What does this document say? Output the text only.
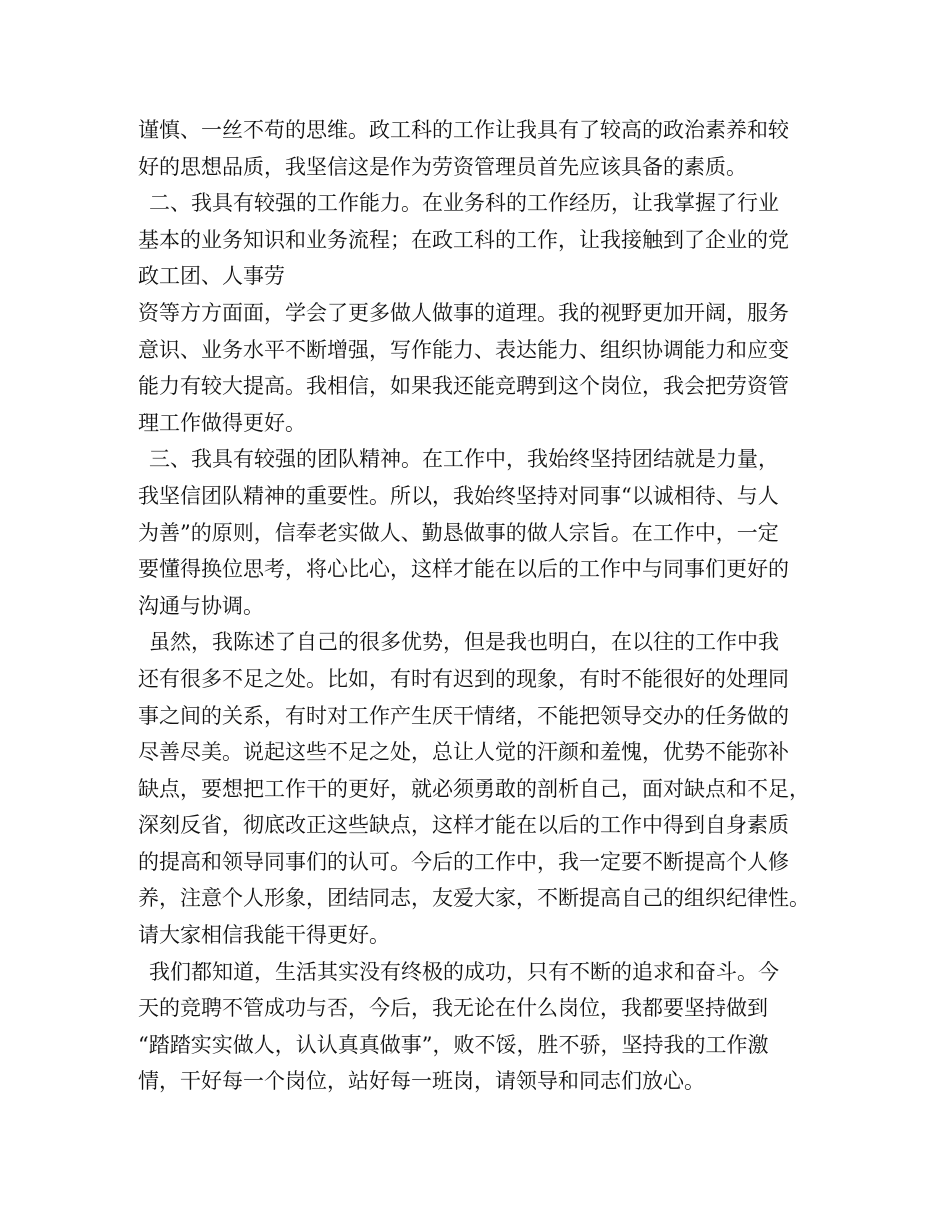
谨慎、一丝不苟的思维。政工科的工作让我具有了较高的政治素养和较
好的思想品质，我坚信这是作为劳资管理员首先应该具备的素质。
二、我具有较强的工作能力。在业务科的工作经历，让我掌握了行业
基本的业务知识和业务流程；在政工科的工作，让我接触到了企业的党
政工团、人事劳
资等方方面面，学会了更多做人做事的道理。我的视野更加开阔，服务
意识、业务水平不断增强，写作能力、表达能力、组织协调能力和应变
能力有较大提高。我相信，如果我还能竞聘到这个岗位，我会把劳资管
理工作做得更好。
三、我具有较强的团队精神。在工作中，我始终坚持团结就是力量，
我坚信团队精神的重要性。所以，我始终坚持对同事“以诚相待、与人
为善”的原则，信奉老实做人、勤恳做事的做人宗旨。在工作中，一定
要懂得换位思考，将心比心，这样才能在以后的工作中与同事们更好的
沟通与协调。
虽然，我陈述了自己的很多优势，但是我也明白，在以往的工作中我
还有很多不足之处。比如，有时有迟到的现象，有时不能很好的处理同
事之间的关系，有时对工作产生厌干情绪，不能把领导交办的任务做的
尽善尽美。说起这些不足之处，总让人觉的汗颜和羞愧，优势不能弥补
缺点，要想把工作干的更好，就必须勇敢的剖析自己，面对缺点和不足，
深刻反省，彻底改正这些缺点，这样才能在以后的工作中得到自身素质
的提高和领导同事们的认可。今后的工作中，我一定要不断提高个人修
养，注意个人形象，团结同志，友爱大家，不断提高自己的组织纪律性。
请大家相信我能干得更好。
我们都知道，生活其实没有终极的成功，只有不断的追求和奋斗。今
天的竞聘不管成功与否，今后，我无论在什么岗位，我都要坚持做到
“踏踏实实做人，认认真真做事”，败不馁，胜不骄，坚持我的工作激
情，干好每一个岗位，站好每一班岗，请领导和同志们放心。
